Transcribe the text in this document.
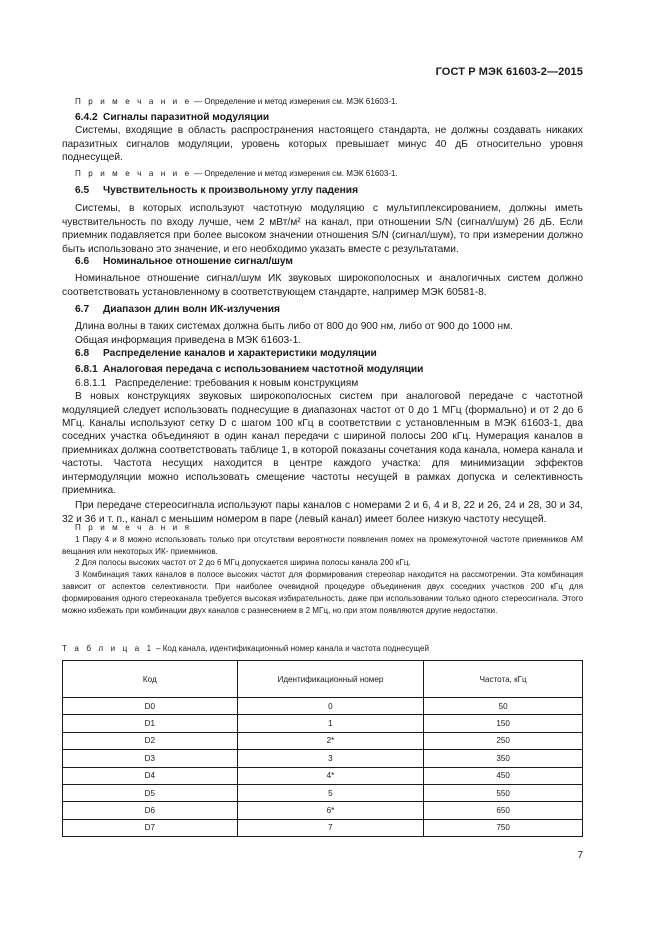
ГОСТ Р МЭК 61603-2—2015
П р и м е ч а н и е — Определение и метод измерения см. МЭК 61603-1.
6.4.2 Сигналы паразитной модуляции
Системы, входящие в область распространения настоящего стандарта, не должны создавать никаких паразитных сигналов модуляции, уровень которых превышает минус 40 дБ относительно уровня поднесущей.
П р и м е ч а н и е — Определение и метод измерения см. МЭК 61603-1.
6.5 Чувствительность к произвольному углу падения
Системы, в которых используют частотную модуляцию с мультиплексированием, должны иметь чувствительность по входу лучше, чем 2 мВт/м² на канал, при отношении S/N (сигнал/шум) 26 дБ. Если приемник подавляется при более высоком значении отношения S/N (сигнал/шум), то при измерении должно быть использовано это значение, и его необходимо указать вместе с результатами.
6.6 Номинальное отношение сигнал/шум
Номинальное отношение сигнал/шум ИК звуковых широкополосных и аналогичных систем должно соответствовать установленному в соответствующем стандарте, например МЭК 60581-8.
6.7 Диапазон длин волн ИК-излучения
Длина волны в таких системах должна быть либо от 800 до 900 нм, либо от 900 до 1000 нм.
Общая информация приведена в МЭК 61603-1.
6.8 Распределение каналов и характеристики модуляции
6.8.1 Аналоговая передача с использованием частотной модуляции
6.8.1.1 Распределение: требования к новым конструкциям
В новых конструкциях звуковых широкополосных систем при аналоговой передаче с частотной модуляцией следует использовать поднесущие в диапазонах частот от 0 до 1 МГц (формально) и от 2 до 6 МГц. Каналы используют сетку D с шагом 100 кГц в соответствии с установленным в МЭК 61603-1, два соседних участка объединяют в один канал передачи с шириной полосы 200 кГц. Нумерация каналов в приемниках должна соответствовать таблице 1, в которой показаны сочетания кода канала, номера канала и частоты. Частота несущих находится в центре каждого участка: для минимизации эффектов интермодуляции можно использовать смещение частоты несущей в рамках допуска и селективность приемника.
При передаче стереосигнала используют пары каналов с номерами 2 и 6, 4 и 8, 22 и 26, 24 и 28, 30 и 34, 32 и 36 и т. п., канал с меньшим номером в паре (левый канал) имеет более низкую частоту несущей.
П р и м е ч а н и я
1 Пару 4 и 8 можно использовать только при отсутствии вероятности появления помех на промежуточной частоте приемников АМ вещания или некоторых ИК- приемников.
2 Для полосы высоких частот от 2 до 6 МГц допускается ширина полосы канала 200 кГц.
3 Комбинация таких каналов в полосе высоких частот для формирования стереопар находится на рассмотрении. Эта комбинация зависит от аспектов селективности. При наиболее очевидной процедуре объединения двух соседних участков 200 кГц для формирования одного стереоканала требуется высокая избирательность, даже при использовании только одного стереосигнала. Этого можно избежать при комбинации двух каналов с разнесением в 2 МГц, но при этом появляются другие недостатки.
Т а б л и ц а 1 – Код канала, идентификационный номер канала и частота поднесущей
Код	Идентификационный номер	Частота, кГц
D0	0	50
D1	1	150
D2	2*	250
D3	3	350
D4	4*	450
D5	5	550
D6	6*	650
D7	7	750
7
